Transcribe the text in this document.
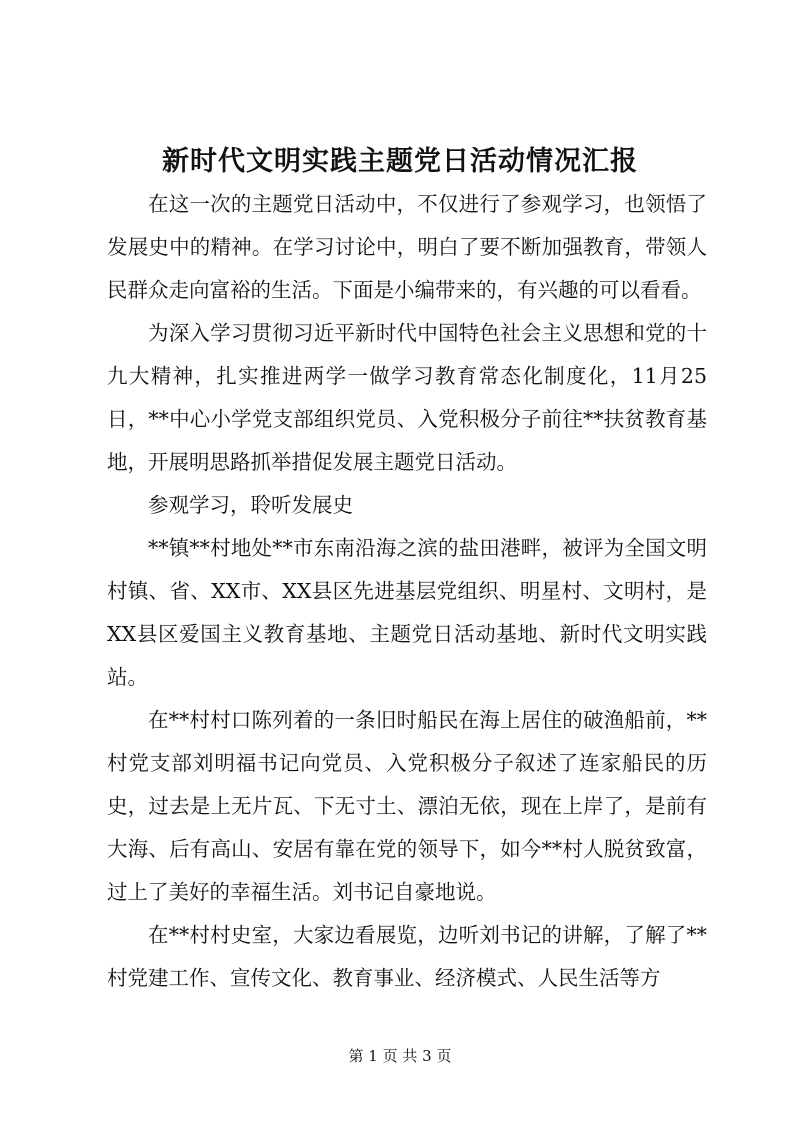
新时代文明实践主题党日活动情况汇报

在这一次的主题党日活动中，不仅进行了参观学习，也领悟了发展史中的精神。在学习讨论中，明白了要不断加强教育，带领人民群众走向富裕的生活。下面是小编带来的，有兴趣的可以看看。

为深入学习贯彻习近平新时代中国特色社会主义思想和党的十九大精神，扎实推进两学一做学习教育常态化制度化，11月25日，**中心小学党支部组织党员、入党积极分子前往**扶贫教育基地，开展明思路抓举措促发展主题党日活动。

参观学习，聆听发展史

**镇**村地处**市东南沿海之滨的盐田港畔，被评为全国文明村镇、省、XX市、XX县区先进基层党组织、明星村、文明村，是XX县区爱国主义教育基地、主题党日活动基地、新时代文明实践站。

在**村村口陈列着的一条旧时船民在海上居住的破渔船前，**村党支部刘明福书记向党员、入党积极分子叙述了连家船民的历史，过去是上无片瓦、下无寸土、漂泊无依，现在上岸了，是前有大海、后有高山、安居有靠在党的领导下，如今**村人脱贫致富，过上了美好的幸福生活。刘书记自豪地说。

在**村村史室，大家边看展览，边听刘书记的讲解，了解了**村党建工作、宣传文化、教育事业、经济模式、人民生活等方

第 1 页 共 3 页
